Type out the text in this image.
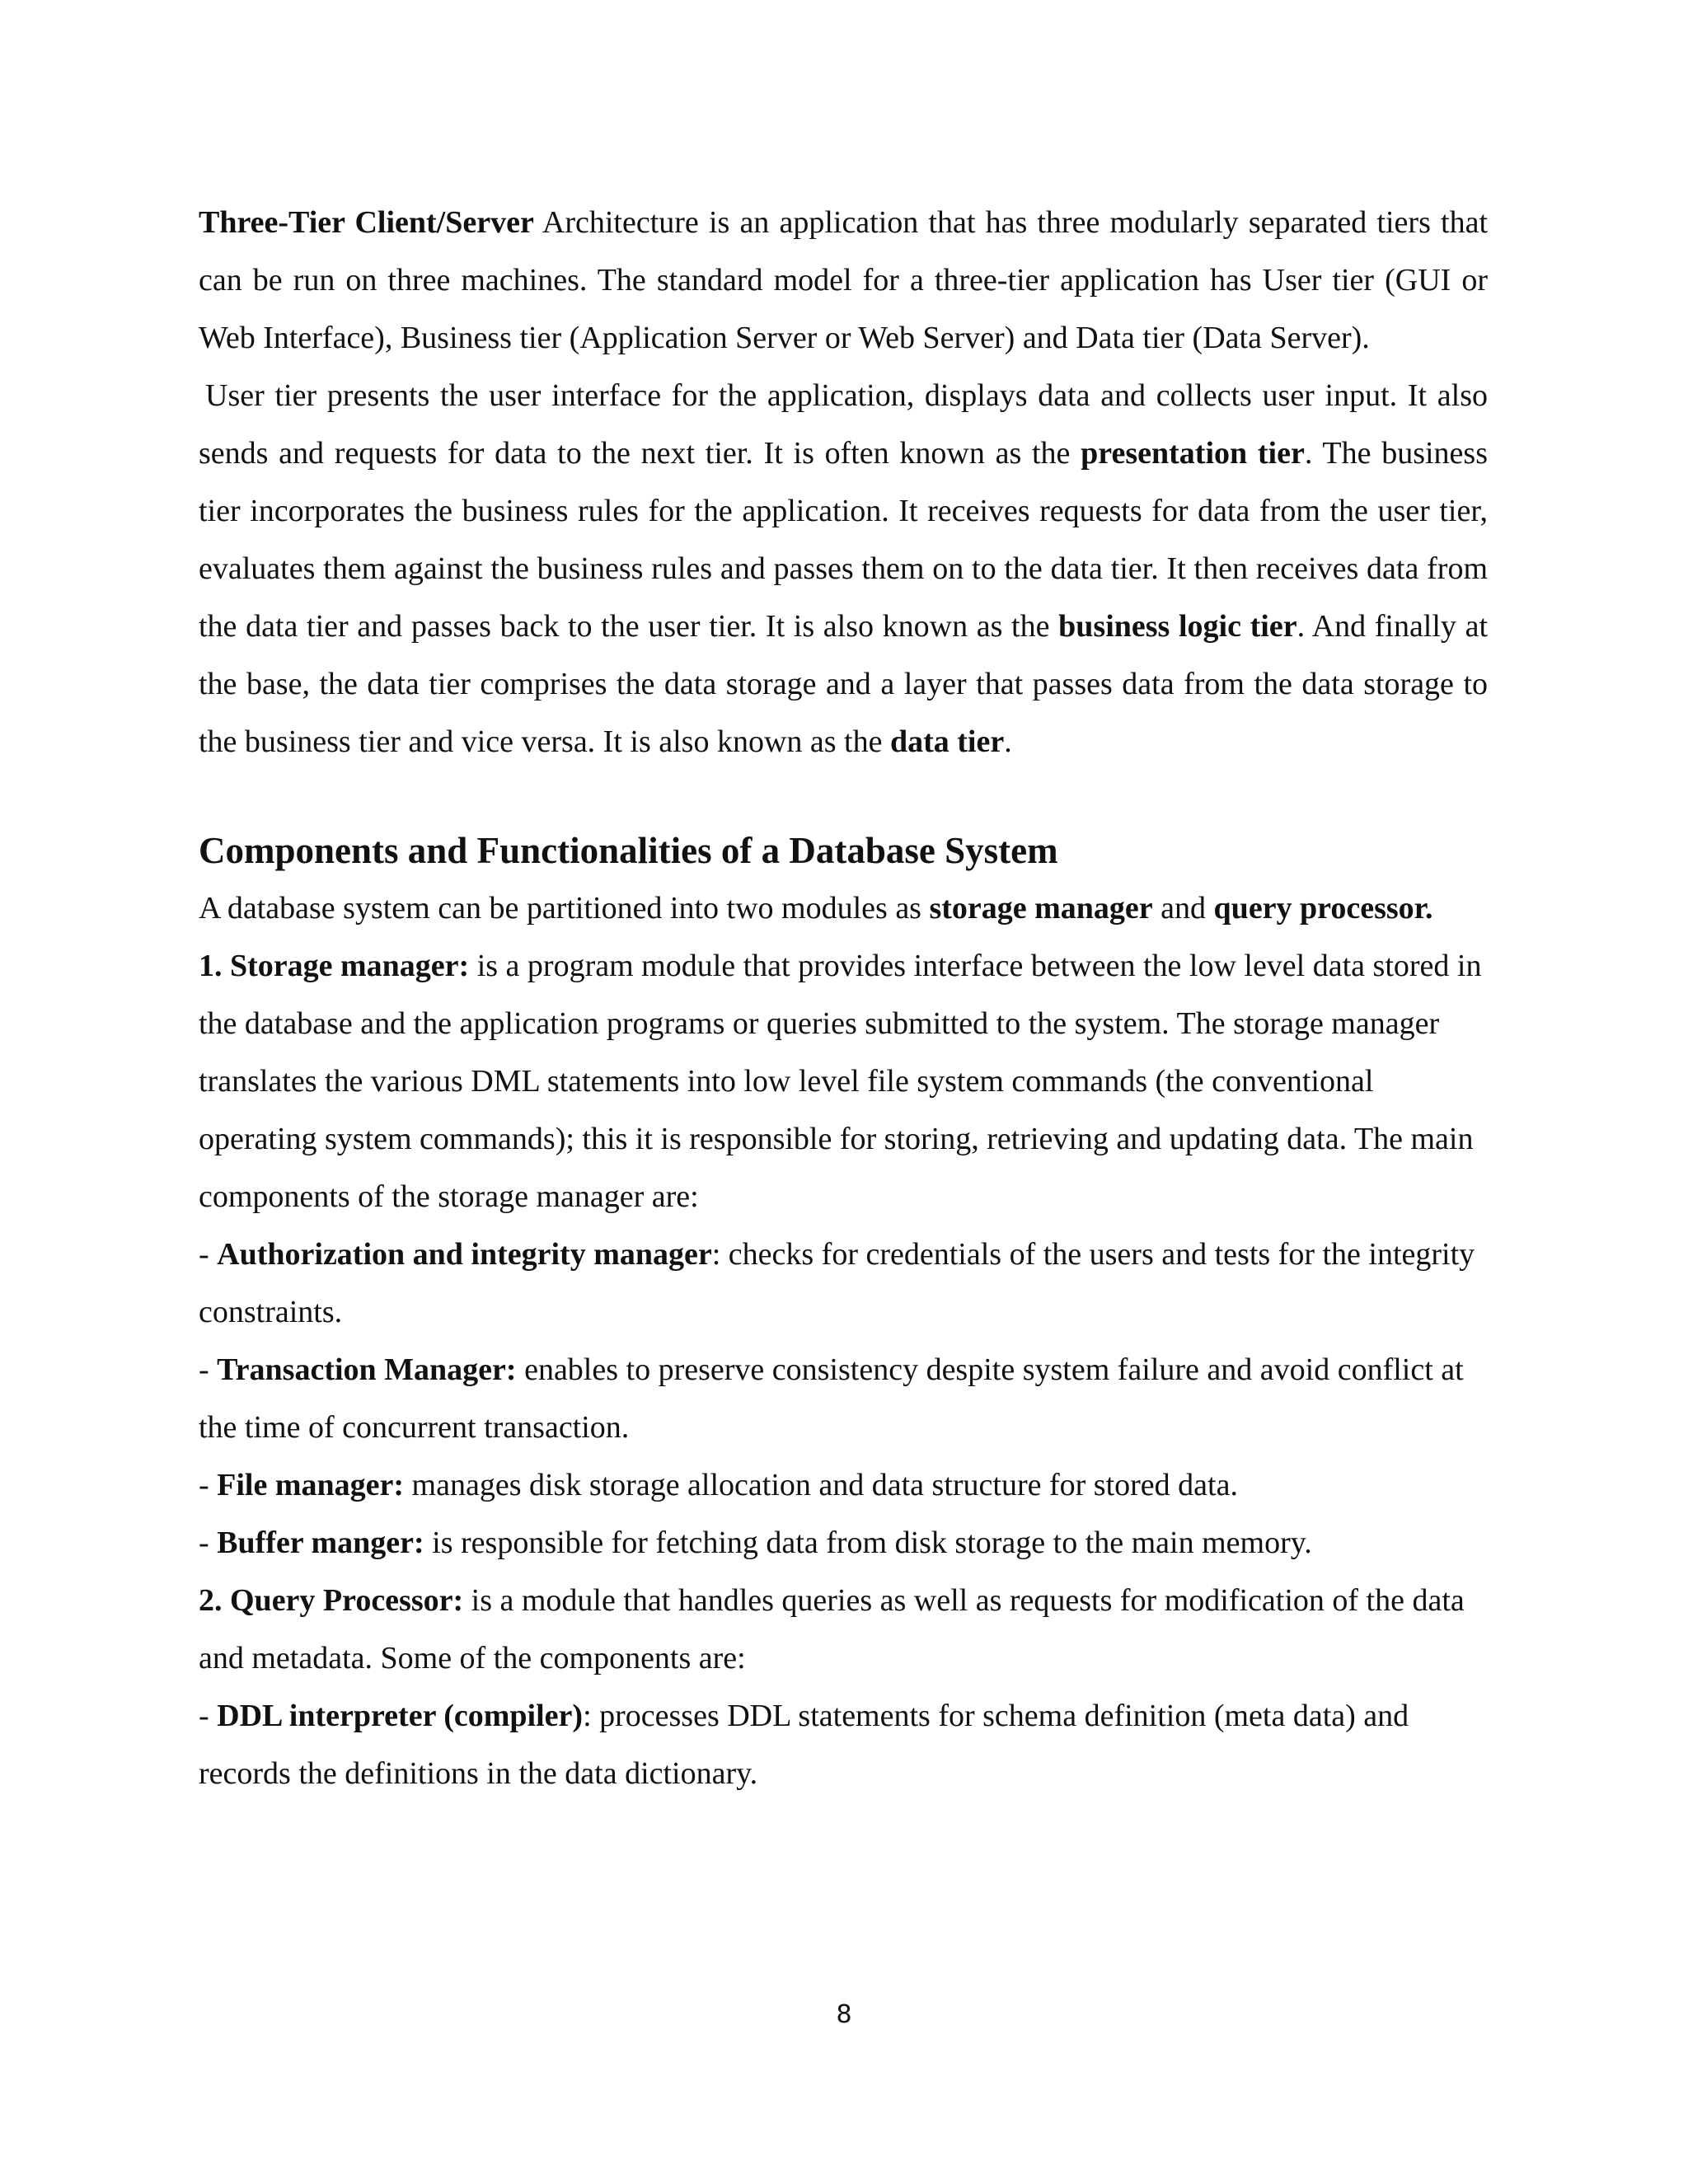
Three-Tier Client/Server Architecture is an application that has three modularly separated tiers that can be run on three machines. The standard model for a three-tier application has User tier (GUI or Web Interface), Business tier (Application Server or Web Server) and Data tier (Data Server).

User tier presents the user interface for the application, displays data and collects user input. It also sends and requests for data to the next tier. It is often known as the presentation tier. The business tier incorporates the business rules for the application. It receives requests for data from the user tier, evaluates them against the business rules and passes them on to the data tier. It then receives data from the data tier and passes back to the user tier. It is also known as the business logic tier. And finally at the base, the data tier comprises the data storage and a layer that passes data from the data storage to the business tier and vice versa. It is also known as the data tier.

Components and Functionalities of a Database System

A database system can be partitioned into two modules as storage manager and query processor.

1. Storage manager: is a program module that provides interface between the low level data stored in the database and the application programs or queries submitted to the system. The storage manager translates the various DML statements into low level file system commands (the conventional operating system commands); this it is responsible for storing, retrieving and updating data. The main components of the storage manager are:

- Authorization and integrity manager: checks for credentials of the users and tests for the integrity constraints.

- Transaction Manager: enables to preserve consistency despite system failure and avoid conflict at the time of concurrent transaction.

- File manager: manages disk storage allocation and data structure for stored data.

- Buffer manger: is responsible for fetching data from disk storage to the main memory.

2. Query Processor: is a module that handles queries as well as requests for modification of the data and metadata. Some of the components are:

- DDL interpreter (compiler): processes DDL statements for schema definition (meta data) and records the definitions in the data dictionary.

8
